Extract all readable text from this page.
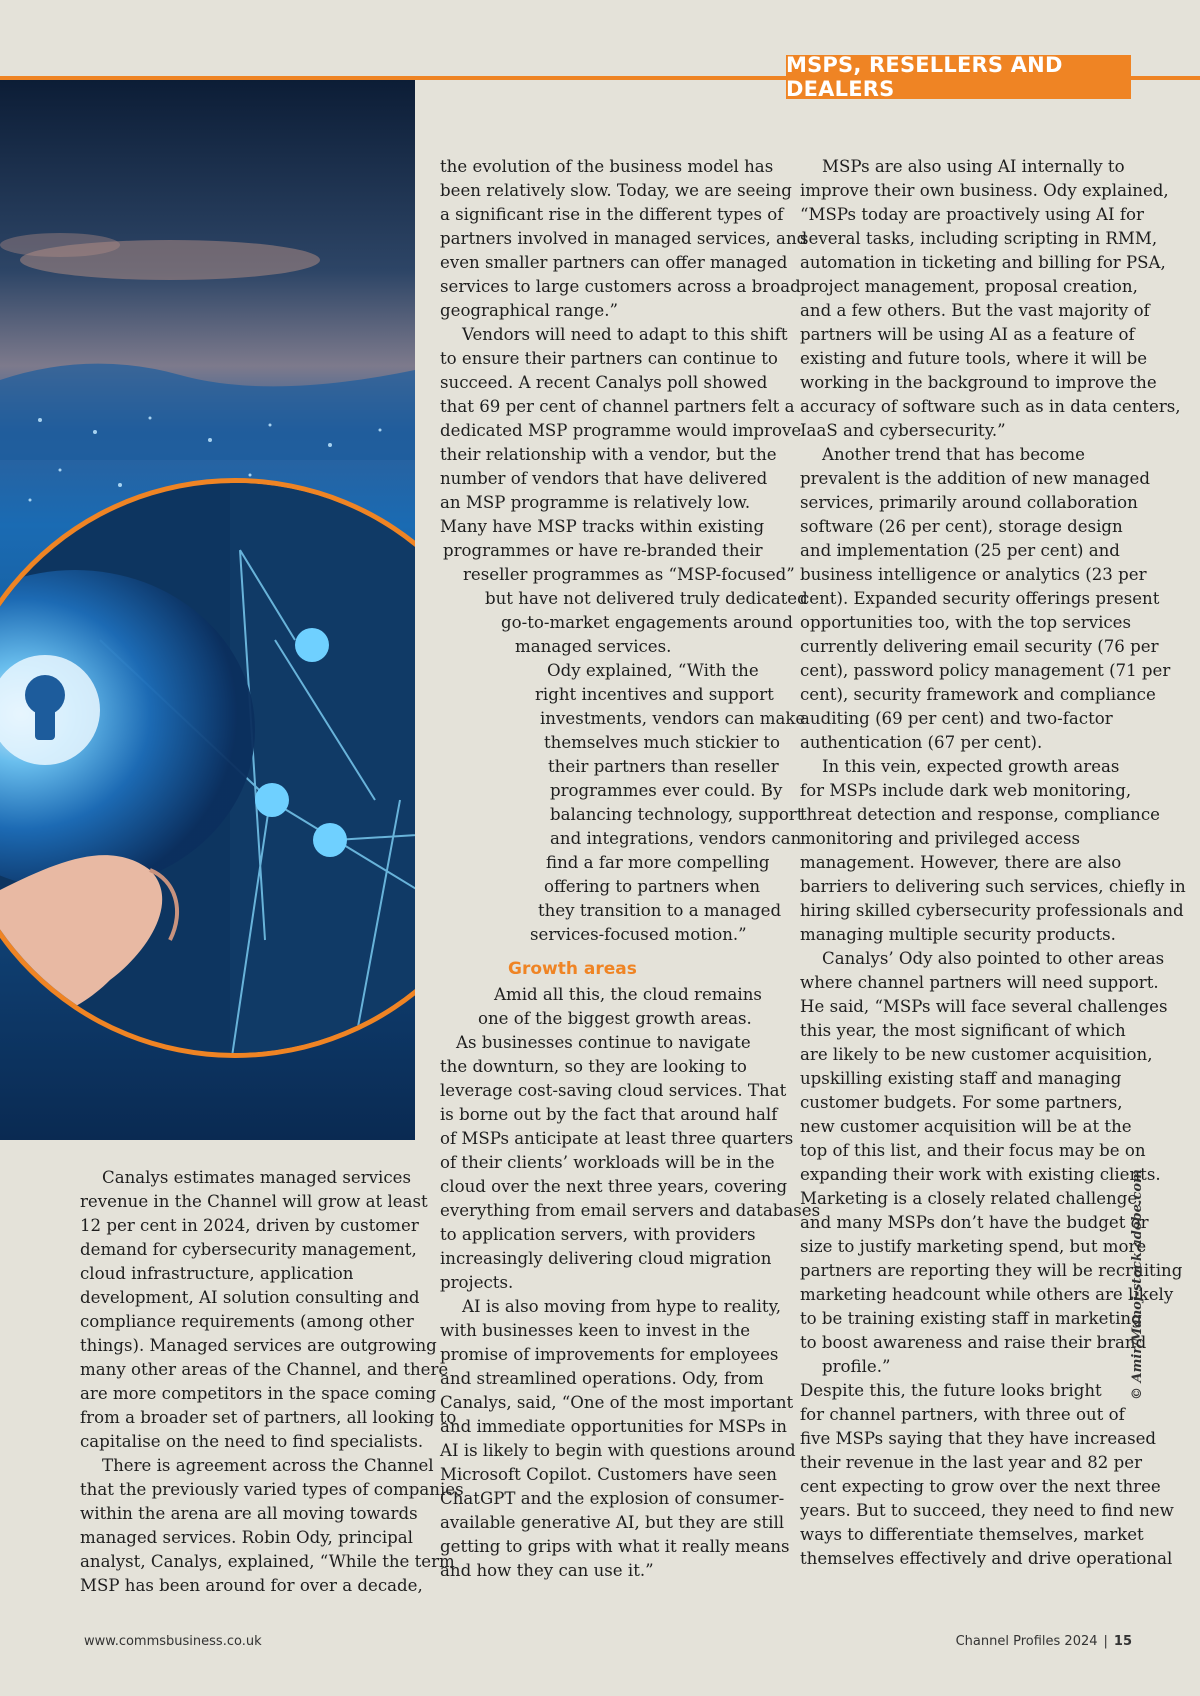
MSPS, RESELLERS AND DEALERS

Canalys estimates managed services

revenue in the Channel will grow at least

12 per cent in 2024, driven by customer

demand for cybersecurity management,

cloud infrastructure, application

development, AI solution consulting and

compliance requirements (among other

things). Managed services are outgrowing

many other areas of the Channel, and there

are more competitors in the space coming

from a broader set of partners, all looking to

capitalise on the need to find specialists.

There is agreement across the Channel

that the previously varied types of companies

within the arena are all moving towards

managed services. Robin Ody, principal

analyst, Canalys, explained, “While the term

MSP has been around for over a decade,

the evolution of the business model has

been relatively slow. Today, we are seeing

a significant rise in the different types of

partners involved in managed services, and

even smaller partners can offer managed

services to large customers across a broad

geographical range.”

Vendors will need to adapt to this shift

to ensure their partners can continue to

succeed. A recent Canalys poll showed

that 69 per cent of channel partners felt a

dedicated MSP programme would improve

their relationship with a vendor, but the

number of vendors that have delivered

an MSP programme is relatively low.

Many have MSP tracks within existing

programmes or have re-branded their

reseller programmes as “MSP-focused”

but have not delivered truly dedicated

go-to-market engagements around

managed services.

Ody explained, “With the

right incentives and support

investments, vendors can make

themselves much stickier to

their partners than reseller

programmes ever could. By

balancing technology, support

and integrations, vendors can

find a far more compelling

offering to partners when

they transition to a managed

services-focused motion.”

Growth areas

Amid all this, the cloud remains

one of the biggest growth areas.

As businesses continue to navigate

the downturn, so they are looking to

leverage cost-saving cloud services. That

is borne out by the fact that around half

of MSPs anticipate at least three quarters

of their clients’ workloads will be in the

cloud over the next three years, covering

everything from email servers and databases

to application servers, with providers

increasingly delivering cloud migration

projects.

AI is also moving from hype to reality,

with businesses keen to invest in the

promise of improvements for employees

and streamlined operations. Ody, from

Canalys, said, “One of the most important

and immediate opportunities for MSPs in

AI is likely to begin with questions around

Microsoft Copilot. Customers have seen

ChatGPT and the explosion of consumer-

available generative AI, but they are still

getting to grips with what it really means

and how they can use it.”

MSPs are also using AI internally to

improve their own business. Ody explained,

“MSPs today are proactively using AI for

several tasks, including scripting in RMM,

automation in ticketing and billing for PSA,

project management, proposal creation,

and a few others. But the vast majority of

partners will be using AI as a feature of

existing and future tools, where it will be

working in the background to improve the

accuracy of software such as in data centers,

IaaS and cybersecurity.”

Another trend that has become

prevalent is the addition of new managed

services, primarily around collaboration

software (26 per cent), storage design

and implementation (25 per cent) and

business intelligence or analytics (23 per

cent). Expanded security offerings present

opportunities too, with the top services

currently delivering email security (76 per

cent), password policy management (71 per

cent), security framework and compliance

auditing (69 per cent) and two-factor

authentication (67 per cent).

In this vein, expected growth areas

for MSPs include dark web monitoring,

threat detection and response, compliance

monitoring and privileged access

management. However, there are also

barriers to delivering such services, chiefly in

hiring skilled cybersecurity professionals and

managing multiple security products.

Canalys’ Ody also pointed to other areas

where channel partners will need support.

He said, “MSPs will face several challenges

this year, the most significant of which

are likely to be new customer acquisition,

upskilling existing staff and managing

customer budgets. For some partners,

new customer acquisition will be at the

top of this list, and their focus may be on

expanding their work with existing clients.

Marketing is a closely related challenge,

and many MSPs don’t have the budget or

size to justify marketing spend, but more

partners are reporting they will be recruiting

marketing headcount while others are likely

to be training existing staff in marketing

to boost awareness and raise their brand

profile.”

Despite this, the future looks bright

for channel partners, with three out of

five MSPs saying that they have increased

their revenue in the last year and 82 per

cent expecting to grow over the next three

years. But to succeed, they need to find new

ways to differentiate themselves, market

themselves effectively and drive operational

© Amir/Manoj-stock.adobe.com
www.commsbusiness.co.uk	Channel Profiles 2024 | 15
